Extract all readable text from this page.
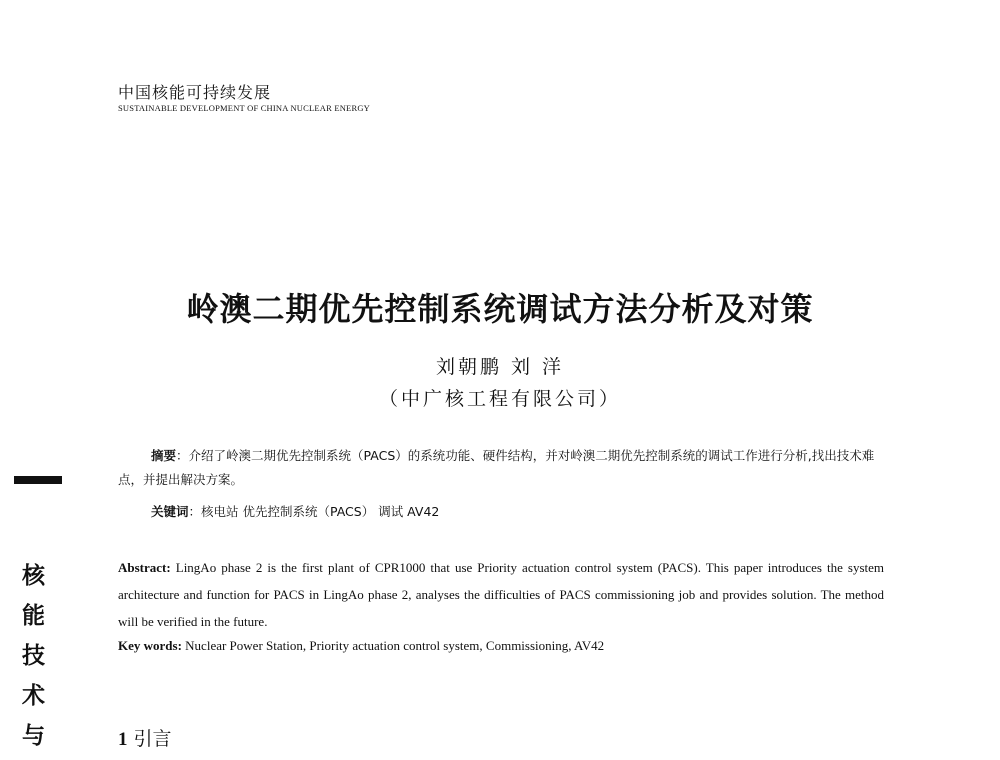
中国核能可持续发展
SUSTAINABLE DEVELOPMENT OF CHINA NUCLEAR ENERGY
岭澳二期优先控制系统调试方法分析及对策
刘朝鹏 刘 洋
（中广核工程有限公司）
摘要：介绍了岭澳二期优先控制系统（PACS）的系统功能、硬件结构，并对岭澳二期优先控制系统的调试工作进行分析,找出技术难点，并提出解决方案。
关键词：核电站 优先控制系统（PACS） 调试 AV42
Abstract: LingAo phase 2 is the first plant of CPR1000 that use Priority actuation control system (PACS). This paper introduces the system architecture and function for PACS in LingAo phase 2, analyses the difficulties of PACS commissioning job and provides solution. The method will be verified in the future.
Key words: Nuclear Power Station, Priority actuation control system, Commissioning, AV42
1 引言
核
能
技
术
与
